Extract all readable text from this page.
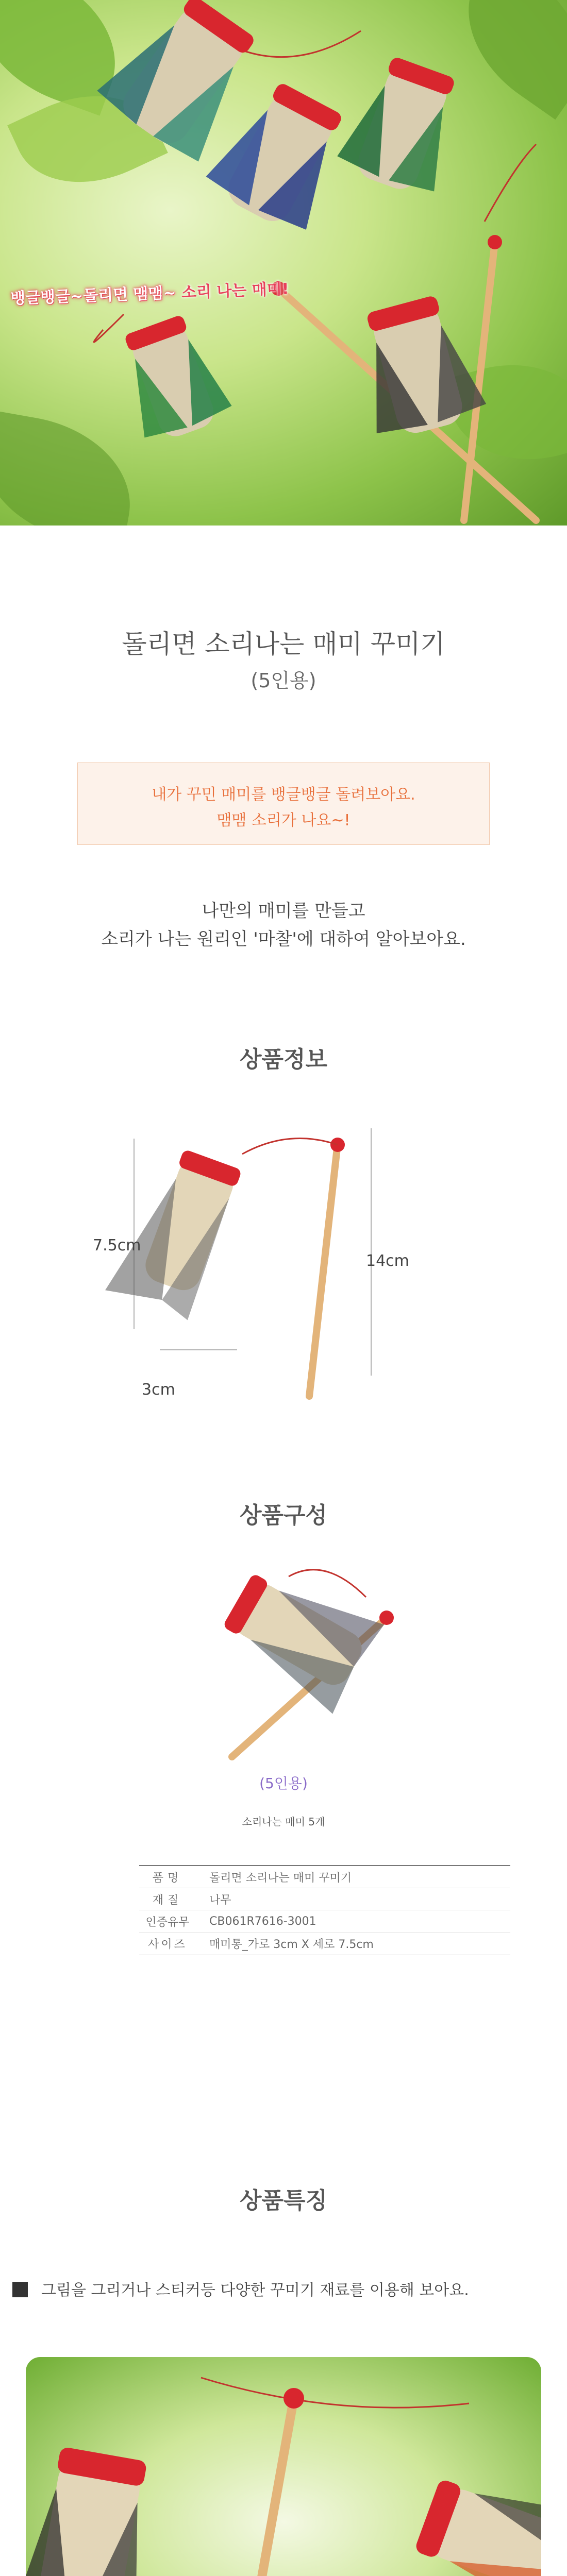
뱅글뱅글~돌리면 맴맴~ 소리 나는 매미!
돌리면 소리나는 매미 꾸미기
(5인용)
내가 꾸민 매미를 뱅글뱅글 돌려보아요.
맴맴 소리가 나요~!
나만의 매미를 만들고
소리가 나는 원리인 '마찰'에 대하여 알아보아요.
상품정보
7.5cm
3cm
14cm
상품구성
(5인용)
소리나는 매미 5개
품명	돌리면 소리나는 매미 꾸미기
재질	나무
인증유무	CB061R7616-3001
사이즈	매미통_가로 3cm X 세로 7.5cm
상품특징
그림을 그리거나 스티커등 다양한 꾸미기 재료를 이용해 보아요.
